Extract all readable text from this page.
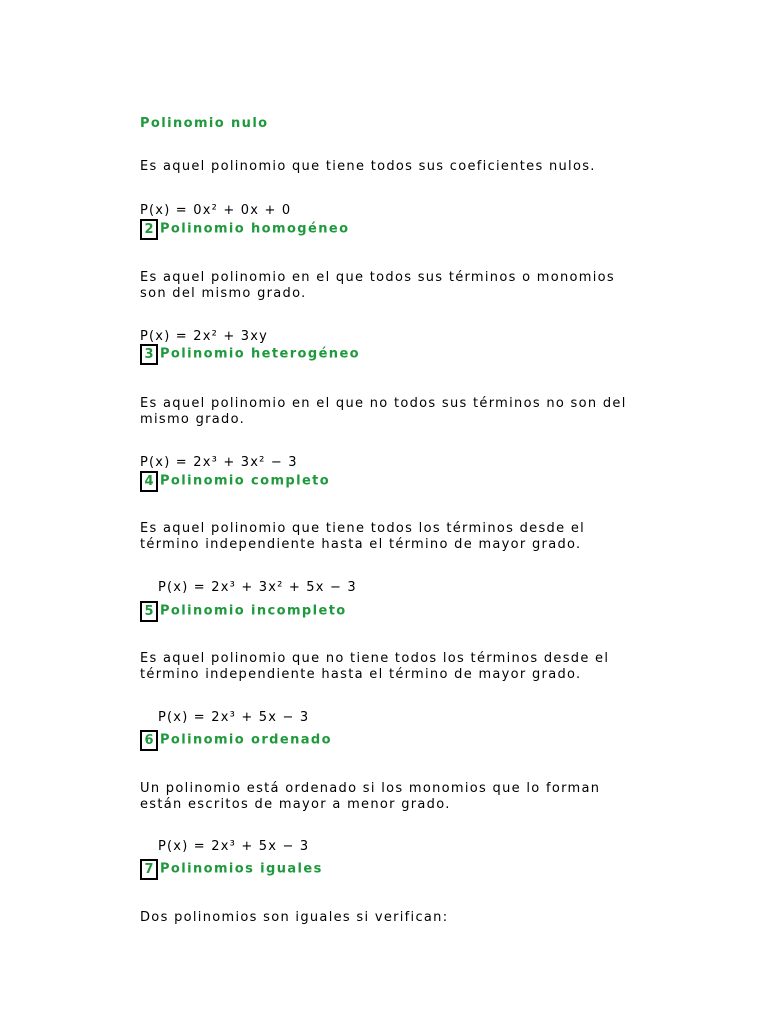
Polinomio nulo
Es aquel polinomio que tiene todos sus coeficientes nulos.
P(x) = 0x² + 0x + 0
2 Polinomio homogéneo
Es aquel polinomio en el que todos sus términos o monomios
son del mismo grado.
P(x) = 2x² + 3xy
3 Polinomio heterogéneo
Es aquel polinomio en el que no todos sus términos no son del
mismo grado.
P(x) = 2x³ + 3x² − 3
4 Polinomio completo
Es aquel polinomio que tiene todos los términos desde el
término independiente hasta el término de mayor grado.
P(x) = 2x³ + 3x² + 5x − 3
5 Polinomio incompleto
Es aquel polinomio que no tiene todos los términos desde el
término independiente hasta el término de mayor grado.
P(x) = 2x³ + 5x − 3
6 Polinomio ordenado
Un polinomio está ordenado si los monomios que lo forman
están escritos de mayor a menor grado.
P(x) = 2x³ + 5x − 3
7 Polinomios iguales
Dos polinomios son iguales si verifican:
